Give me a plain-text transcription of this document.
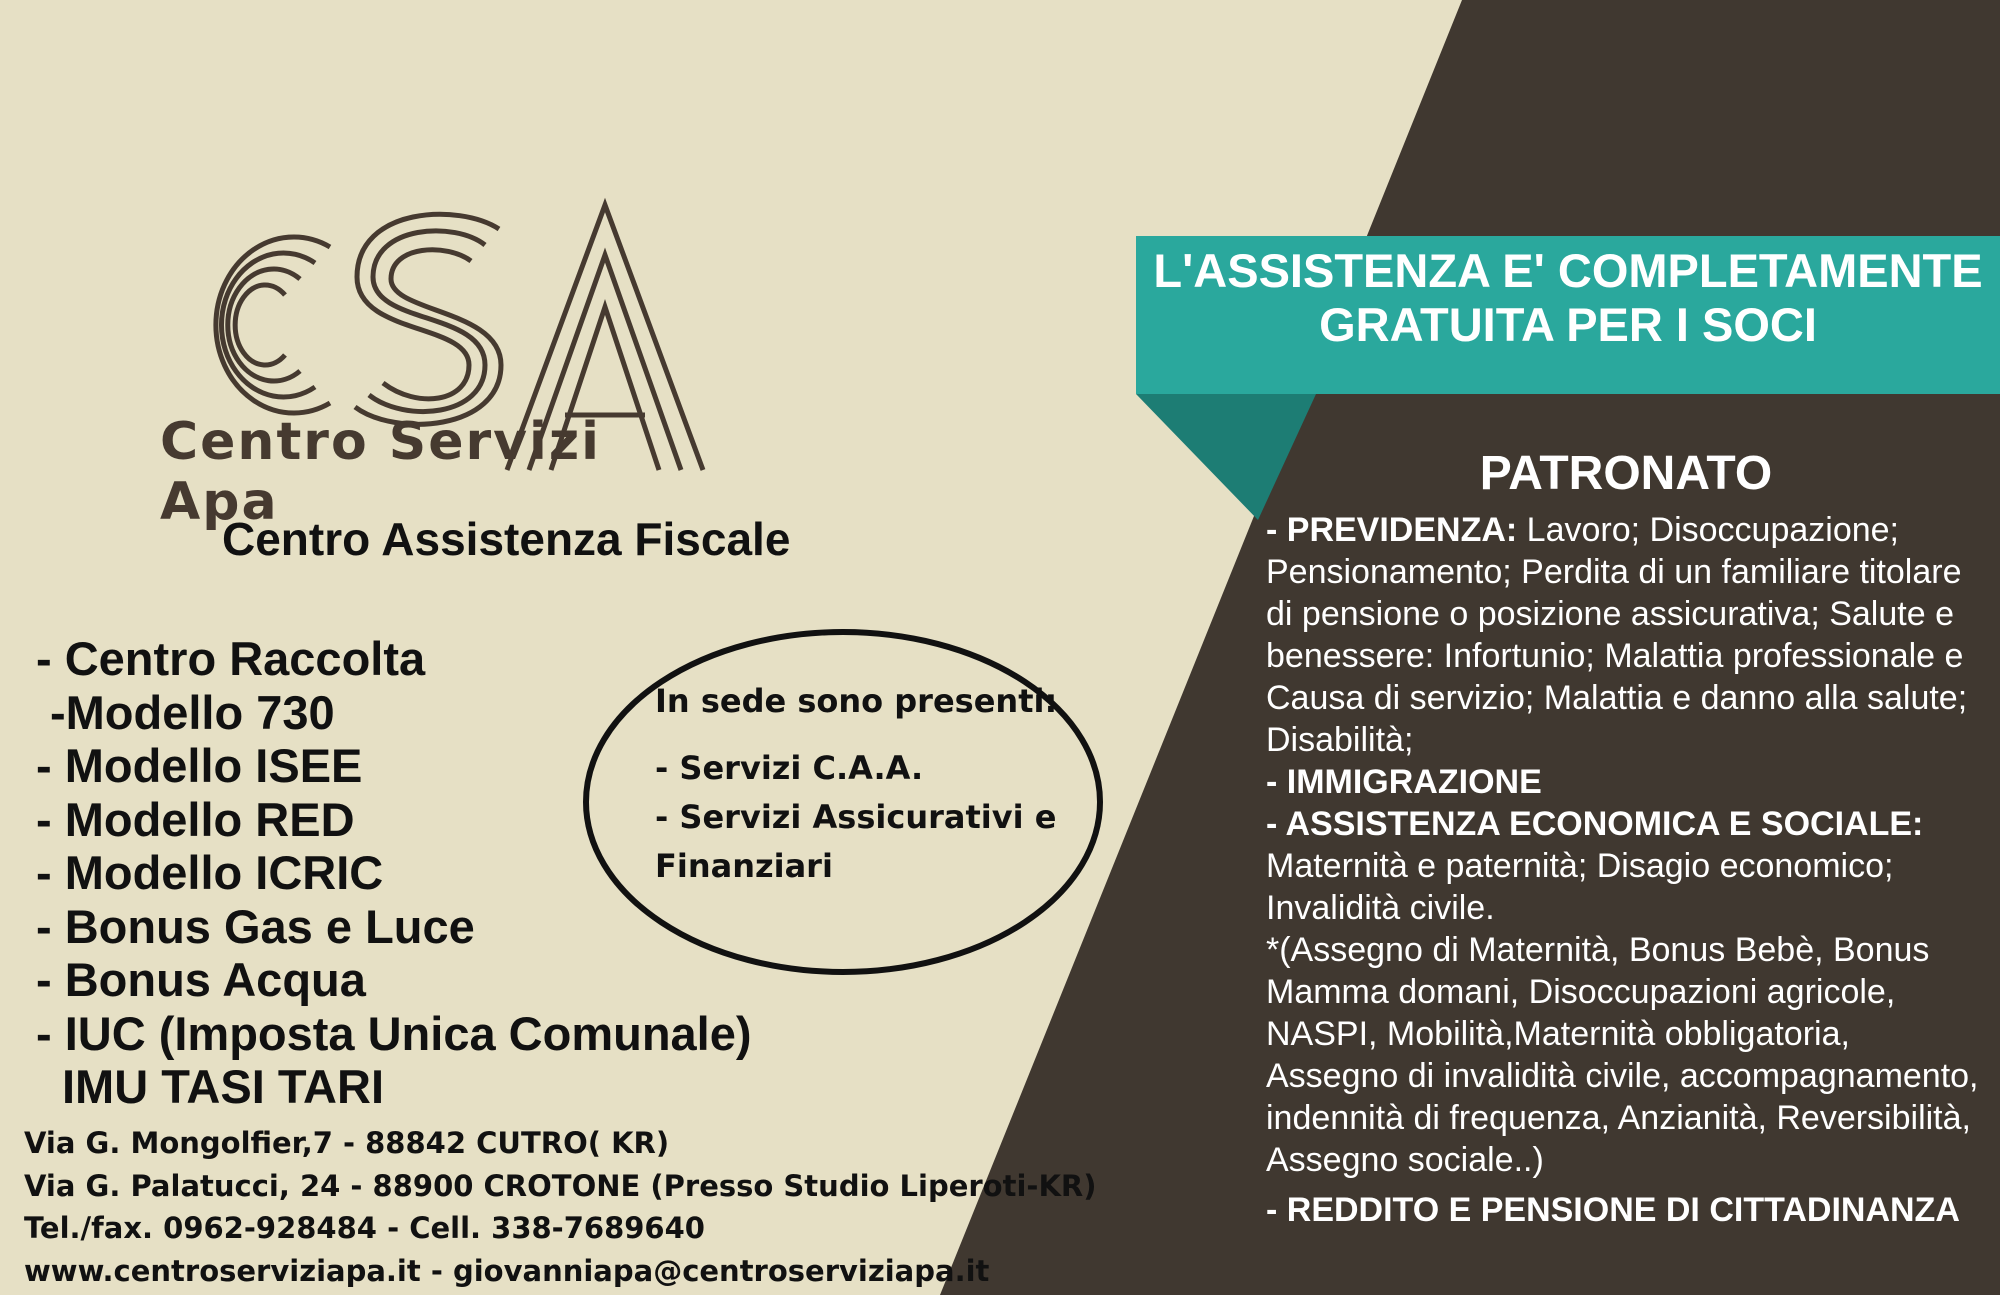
Centro Servizi Apa
Centro Assistenza Fiscale
- Centro Raccolta
-Modello 730
- Modello ISEE
- Modello RED
- Modello ICRIC
- Bonus Gas e Luce
- Bonus Acqua
- IUC (Imposta Unica Comunale)
IMU TASI TARI

In sede sono presenti:

- Servizi C.A.A.

- Servizi Assicurativi e

Finanziari

Via G. Mongolfier,7 - 88842 CUTRO( KR)
Via G. Palatucci, 24 - 88900 CROTONE (Presso Studio Liperoti-KR)
Tel./fax. 0962-928484 - Cell. 338-7689640
www.centroserviziapa.it - giovanniapa@centroserviziapa.it
L'ASSISTENZA E' COMPLETAMENTE
GRATUITA PER I SOCI

PATRONATO

- PREVIDENZA: Lavoro; Disoccupazione; Pensionamento; Perdita di un familiare titolare di pensione o posizione assicurativa; Salute e benessere: Infortunio; Malattia professionale e Causa di servizio; Malattia e danno alla salute; Disabilità;

- IMMIGRAZIONE

- ASSISTENZA ECONOMICA E SOCIALE:

Maternità e paternità; Disagio economico; Invalidità civile.

*(Assegno di Maternità, Bonus Bebè, Bonus Mamma domani, Disoccupazioni agricole, NASPI, Mobilità,Maternità obbligatoria, Assegno di invalidità civile, accompagnamento, indennità di frequenza, Anzianità, Reversibilità, Assegno sociale..)

- REDDITO E PENSIONE DI CITTADINANZA
